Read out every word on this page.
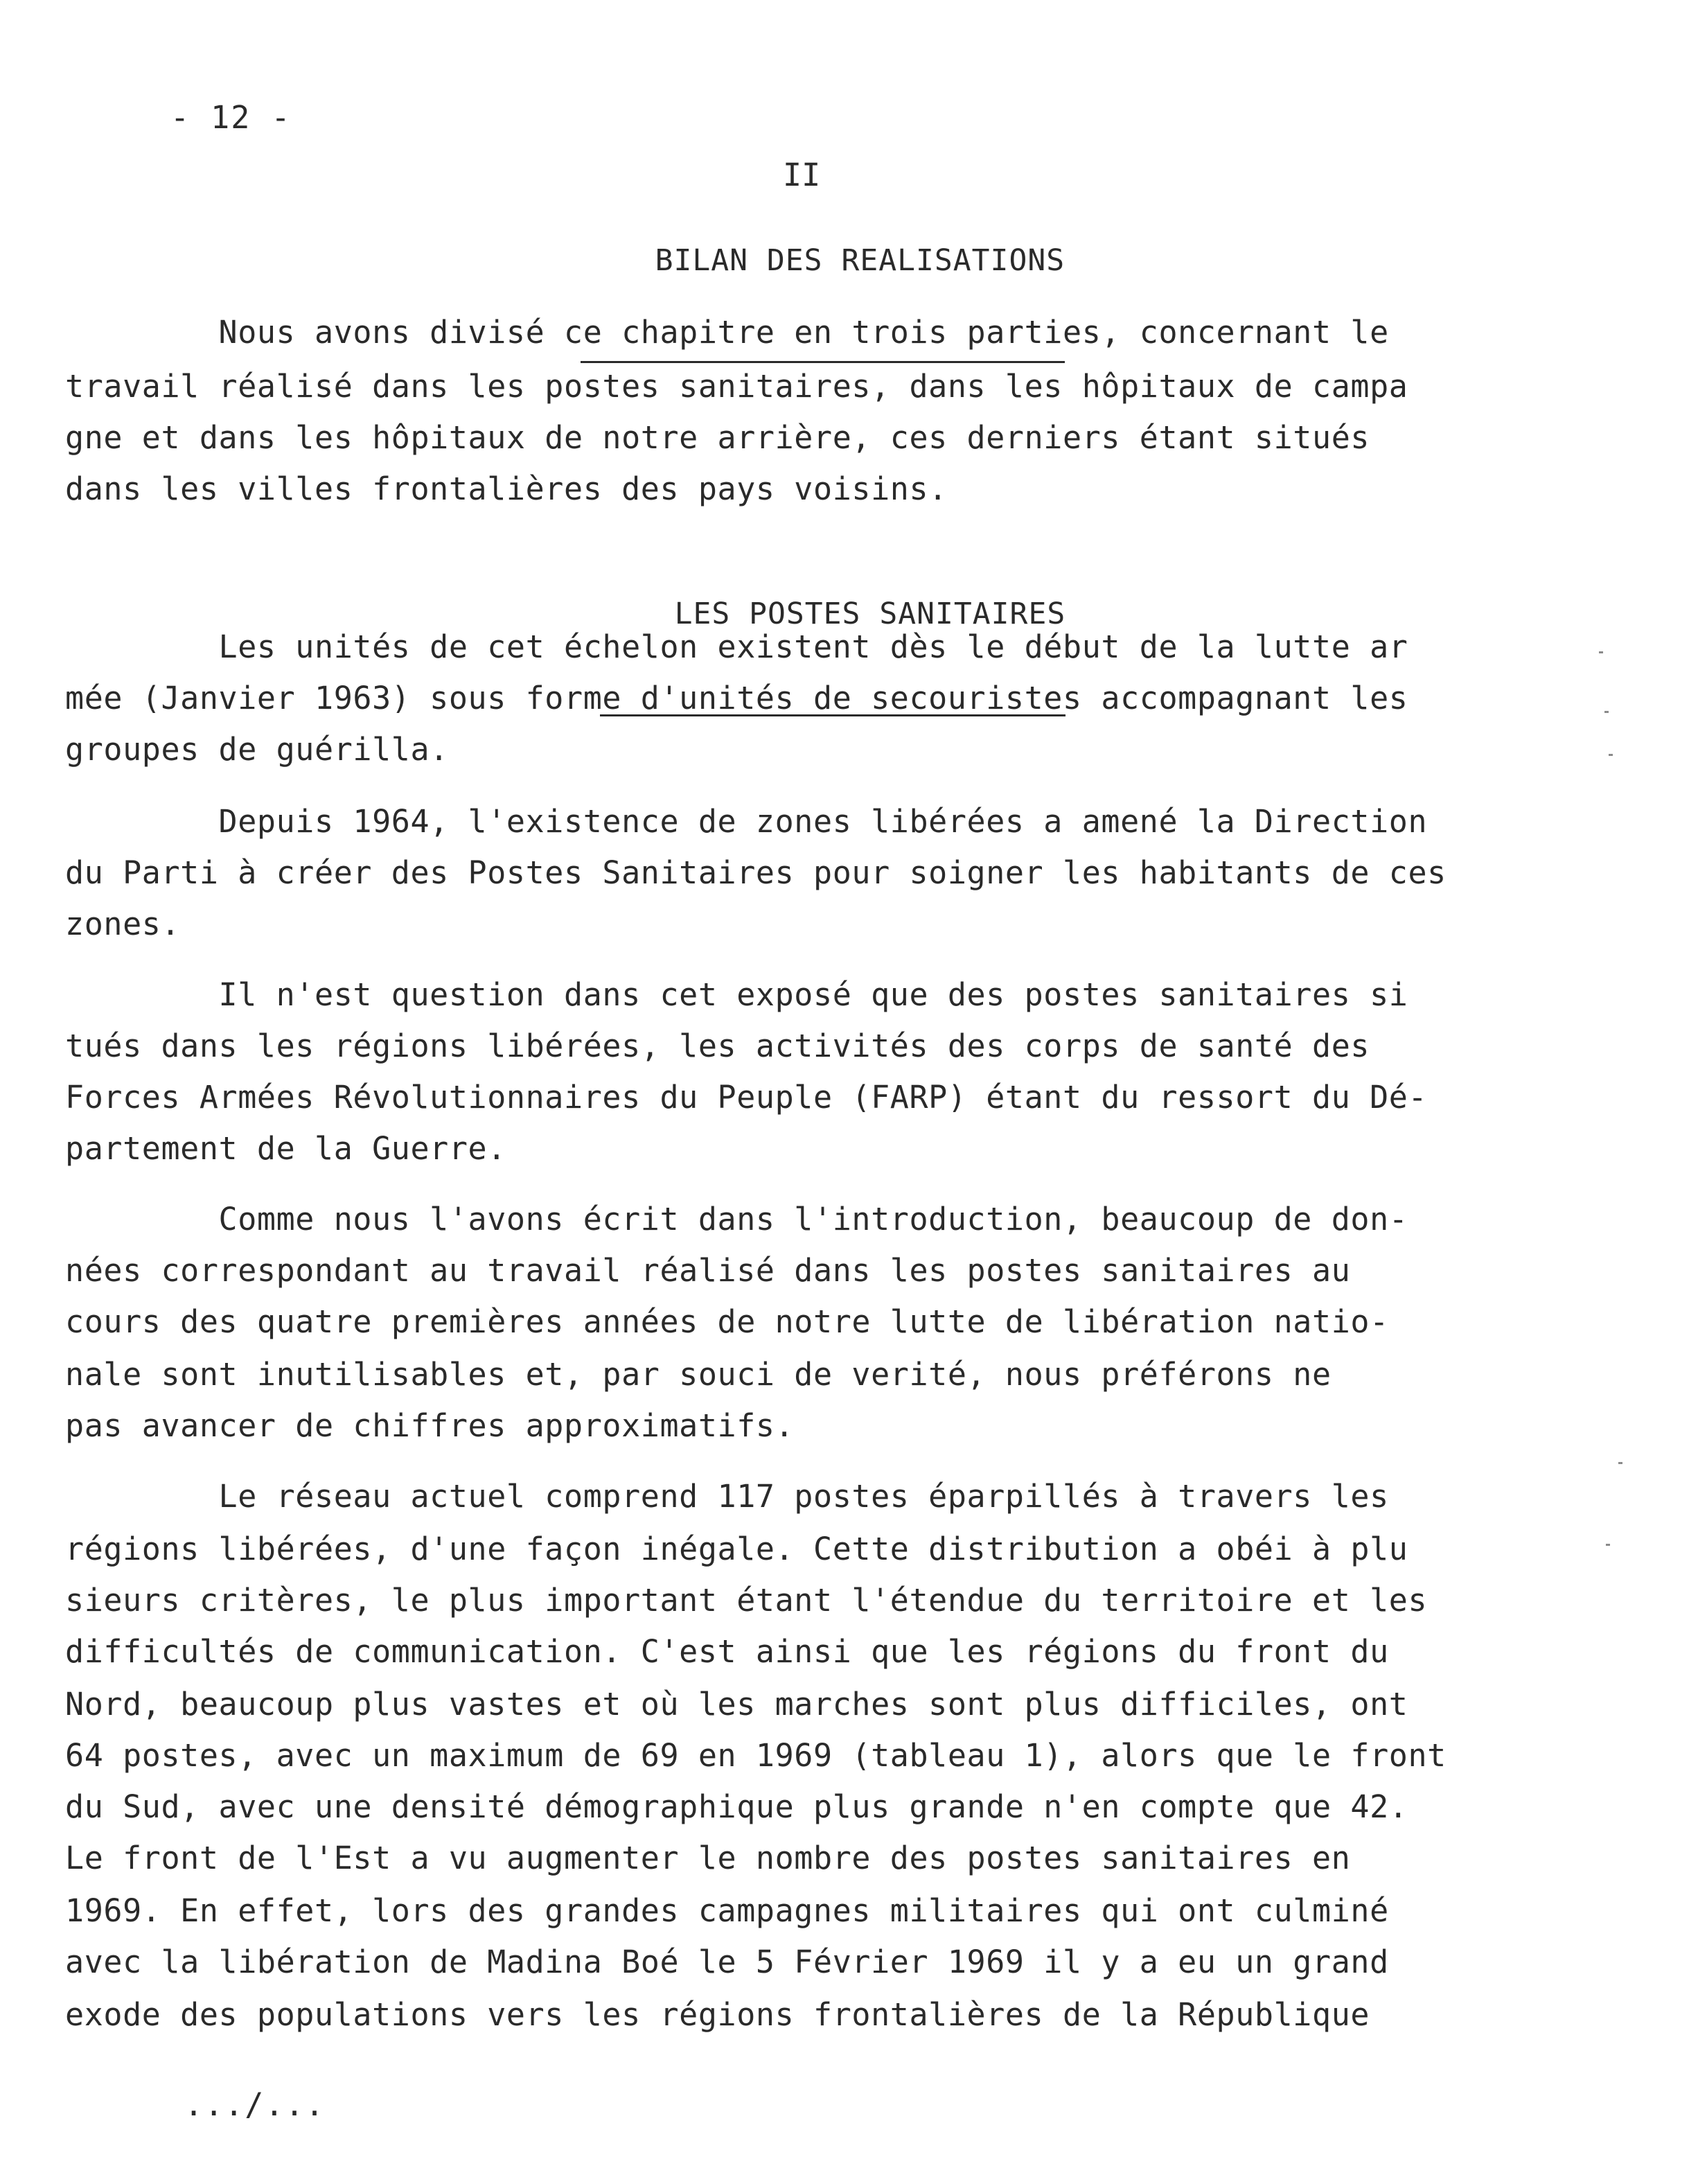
- 12 -
II

BILAN DES REALISATIONS

Nous avons divisé ce chapitre en trois parties, concernant le
travail réalisé dans les postes sanitaires, dans les hôpitaux de campa
gne et dans les hôpitaux de notre arrière, ces derniers étant situés
dans les villes frontalières des pays voisins.

LES POSTES SANITAIRES

Les unités de cet échelon existent dès le début de la lutte ar
mée (Janvier 1963) sous forme d'unités de secouristes accompagnant les
groupes de guérilla.
Depuis 1964, l'existence de zones libérées a amené la Direction
du Parti à créer des Postes Sanitaires pour soigner les habitants de ces
zones.
Il n'est question dans cet exposé que des postes sanitaires si
tués dans les régions libérées, les activités des corps de santé des
Forces Armées Révolutionnaires du Peuple (FARP) étant du ressort du Dé-
partement de la Guerre.
Comme nous l'avons écrit dans l'introduction, beaucoup de don-
nées correspondant au travail réalisé dans les postes sanitaires au
cours des quatre premières années de notre lutte de libération natio-
nale sont inutilisables et, par souci de verité, nous préférons ne
pas avancer de chiffres approximatifs.
Le réseau actuel comprend 117 postes éparpillés à travers les
régions libérées, d'une façon inégale. Cette distribution a obéi à plu
sieurs critères, le plus important étant l'étendue du territoire et les
difficultés de communication. C'est ainsi que les régions du front du
Nord, beaucoup plus vastes et où les marches sont plus difficiles, ont
64 postes, avec un maximum de 69 en 1969 (tableau 1), alors que le front
du Sud, avec une densité démographique plus grande n'en compte que 42.
Le front de l'Est a vu augmenter le nombre des postes sanitaires en
1969. En effet, lors des grandes campagnes militaires qui ont culminé
avec la libération de Madina Boé le 5 Février 1969 il y a eu un grand
exode des populations vers les régions frontalières de la République
.../...
